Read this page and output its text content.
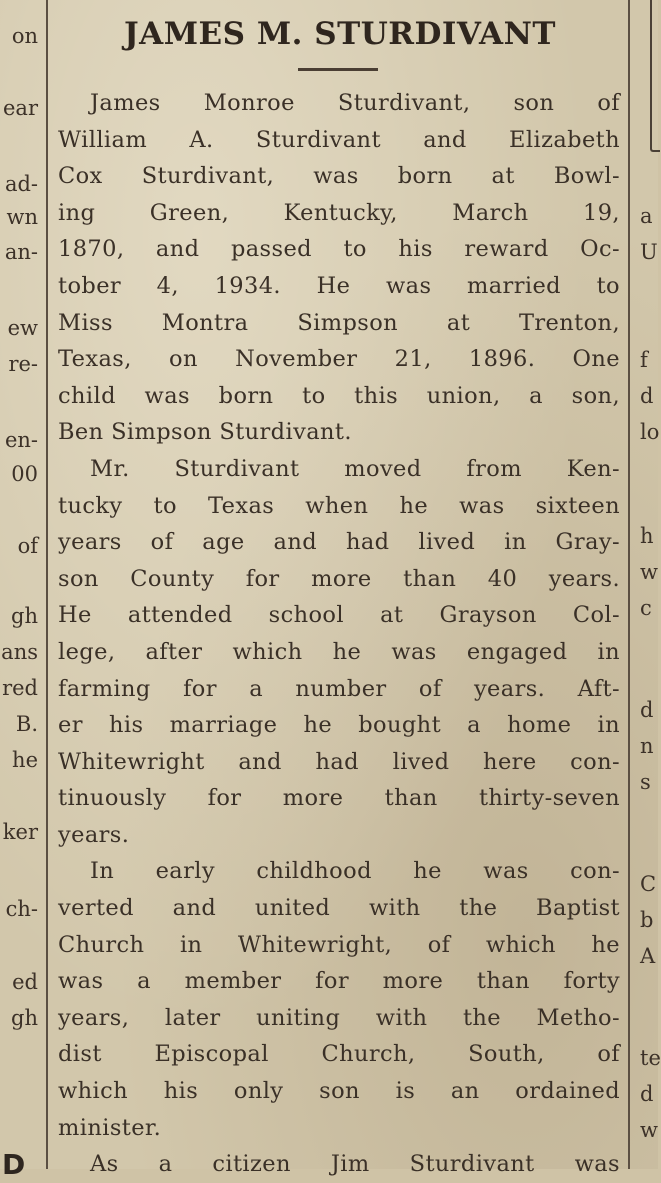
on
ear
ad-
wn
an-
ew
re-
en-
00
of
gh
ans
red
B.
he
ker
ch-
ed
gh
D
a
U
f
d
lo
h
w
c
d
n
s
C
b
A
te
d
w
JAMES M. STURDIVANT
James Monroe Sturdivant, son of
William A. Sturdivant and Elizabeth
Cox Sturdivant, was born at Bowl-
ing Green, Kentucky, March 19,
1870, and passed to his reward Oc-
tober 4, 1934. He was married to
Miss Montra Simpson at Trenton,
Texas, on November 21, 1896. One
child was born to this union, a son,
Ben Simpson Sturdivant.
Mr. Sturdivant moved from Ken-
tucky to Texas when he was sixteen
years of age and had lived in Gray-
son County for more than 40 years.
He attended school at Grayson Col-
lege, after which he was engaged in
farming for a number of years. Aft-
er his marriage he bought a home in
Whitewright and had lived here con-
tinuously for more than thirty-seven
years.
In early childhood he was con-
verted and united with the Baptist
Church in Whitewright, of which he
was a member for more than forty
years, later uniting with the Metho-
dist Episcopal Church, South, of
which his only son is an ordained
minister.
As a citizen Jim Sturdivant was
